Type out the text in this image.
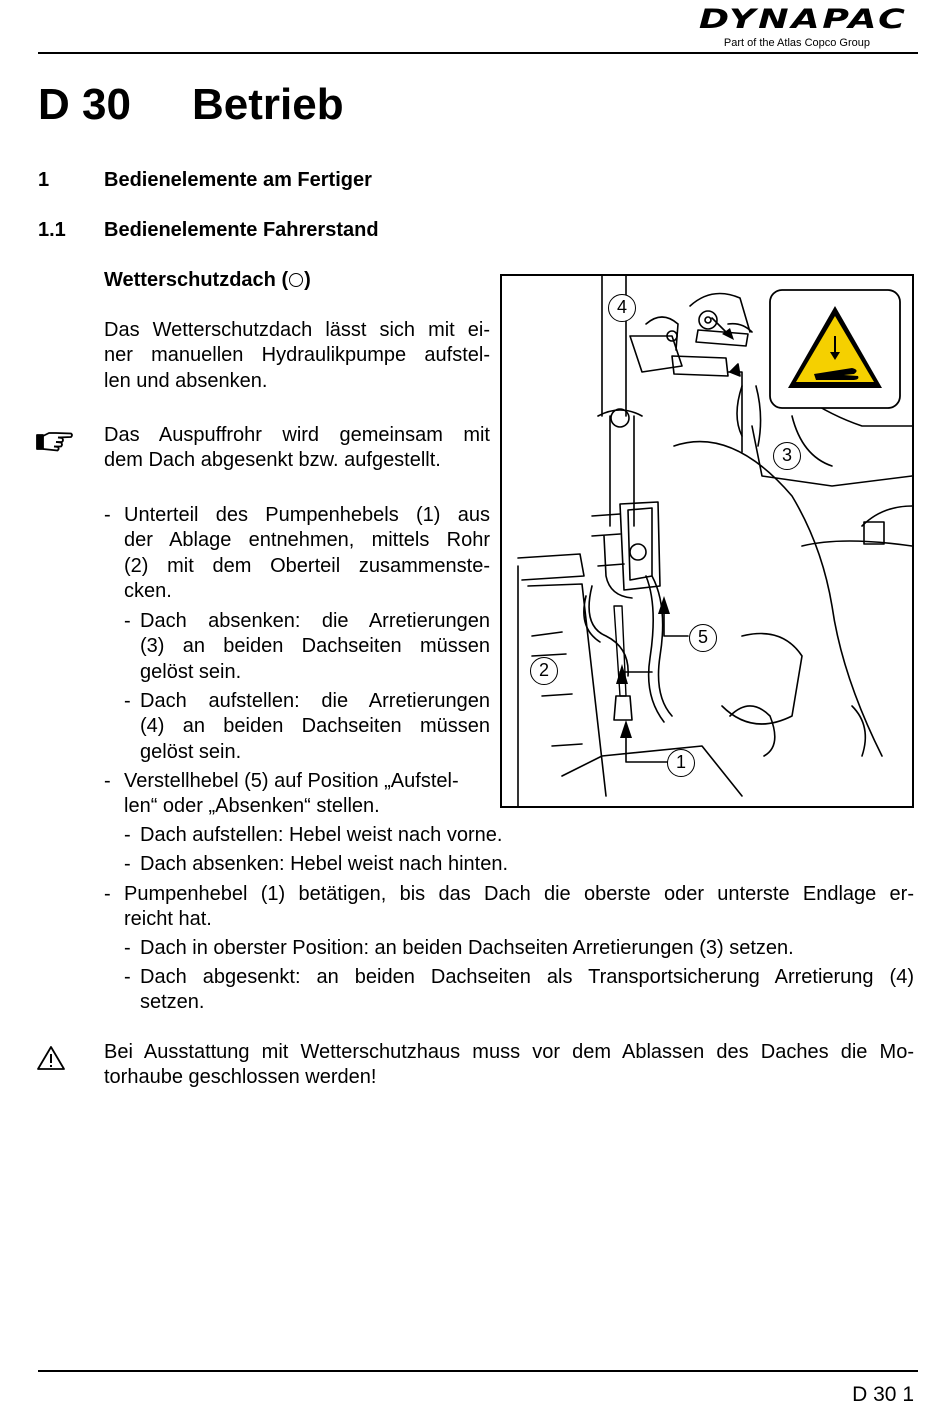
DYNAPAC
Part of the Atlas Copco Group
D 30 Betrieb
1	Bedienelemente am Fertiger
1.1 Bedienelemente Fahrerstand
Wetterschutzdach ( )
Das Wetterschutzdach lässt sich mit ei-
ner manuellen Hydraulikpumpe aufstel-
len und absenken.
Das Auspuffrohr wird gemeinsam mit
dem Dach abgesenkt bzw. aufgestellt.
- Unterteil des Pumpenhebels (1) aus
der Ablage entnehmen, mittels Rohr
(2) mit dem Oberteil zusammenste-
cken.
- Dach absenken: die Arretierungen
(3) an beiden Dachseiten müssen
gelöst sein.
- Dach aufstellen: die Arretierungen
(4) an beiden Dachseiten müssen
gelöst sein.
- Verstellhebel (5) auf Position „Aufstel-
len“ oder „Absenken“ stellen.
- Dach aufstellen: Hebel weist nach vorne.
- Dach absenken: Hebel weist nach hinten.
- Pumpenhebel (1) betätigen, bis das Dach die oberste oder unterste Endlage er-
reicht hat.
- Dach in oberster Position: an beiden Dachseiten Arretierungen (3) setzen.
- Dach abgesenkt: an beiden Dachseiten als Transportsicherung Arretierung (4)
setzen.
Bei Ausstattung mit Wetterschutzhaus muss vor dem Ablassen des Daches die Mo-
torhaube geschlossen werden!
4
3
5
2
1
D 30 1
